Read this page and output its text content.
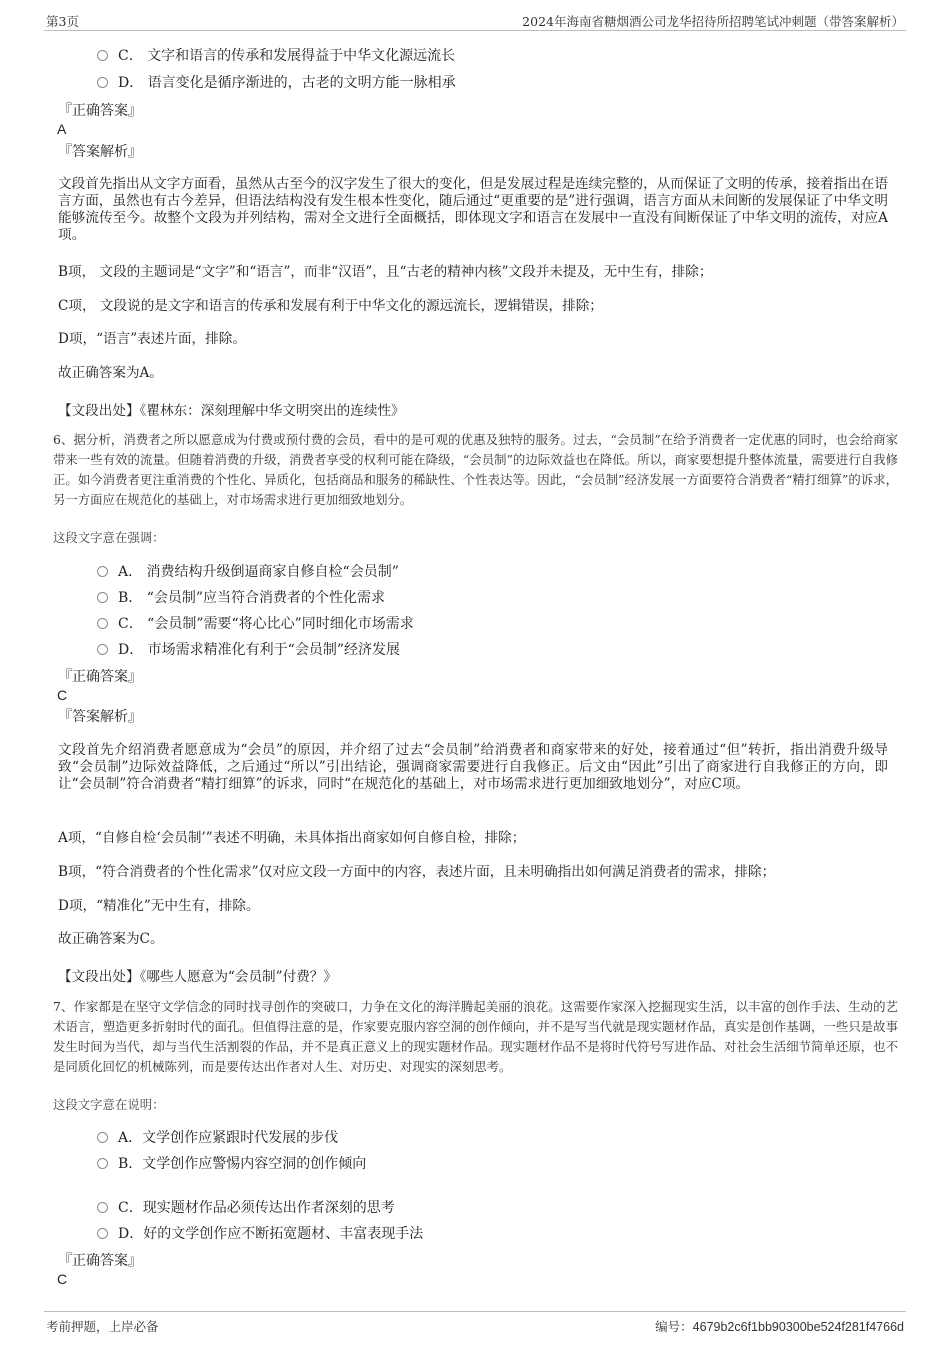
第3页	2024年海南省糖烟酒公司龙华招待所招聘笔试冲刺题（带答案解析）
C． 文字和语言的传承和发展得益于中华文化源远流长
D． 语言变化是循序渐进的，古老的文明方能一脉相承
『正确答案』
A
『答案解析』
文段首先指出从文字方面看，虽然从古至今的汉字发生了很大的变化，但是发展过程是连续完整的，从而保证了文明的传承，接着指出在语言方面，虽然也有古今差异，但语法结构没有发生根本性变化，随后通过“更重要的是”进行强调，语言方面从未间断的发展保证了中华文明能够流传至今。故整个文段为并列结构，需对全文进行全面概括，即体现文字和语言在发展中一直没有间断保证了中华文明的流传，对应A项。
B项， 文段的主题词是“文字”和“语言”，而非“汉语”，且“古老的精神内核”文段并未提及，无中生有，排除；
C项， 文段说的是文字和语言的传承和发展有利于中华文化的源远流长，逻辑错误，排除；
D项，“语言”表述片面，排除。
故正确答案为A。
【文段出处】《瞿林东：深刻理解中华文明突出的连续性》
6、据分析，消费者之所以愿意成为付费或预付费的会员，看中的是可观的优惠及独特的服务。过去，“会员制”在给予消费者一定优惠的同时，也会给商家带来一些有效的流量。但随着消费的升级，消费者享受的权利可能在降级，“会员制”的边际效益也在降低。所以，商家要想提升整体流量，需要进行自我修正。如今消费者更注重消费的个性化、异质化，包括商品和服务的稀缺性、个性表达等。因此，“会员制”经济发展一方面要符合消费者“精打细算”的诉求，另一方面应在规范化的基础上，对市场需求进行更加细致地划分。
这段文字意在强调：
A． 消费结构升级倒逼商家自修自检“会员制”
B． “会员制”应当符合消费者的个性化需求
C． “会员制”需要“将心比心”同时细化市场需求
D． 市场需求精准化有利于“会员制”经济发展
『正确答案』
C
『答案解析』
文段首先介绍消费者愿意成为“会员”的原因，并介绍了过去“会员制”给消费者和商家带来的好处，接着通过“但”转折，指出消费升级导致“会员制”边际效益降低，之后通过“所以”引出结论，强调商家需要进行自我修正。后文由“因此”引出了商家进行自我修正的方向，即让“会员制”符合消费者“精打细算”的诉求，同时“在规范化的基础上，对市场需求进行更加细致地划分”，对应C项。
A项，“自修自检‘会员制’”表述不明确，未具体指出商家如何自修自检，排除；
B项，“符合消费者的个性化需求”仅对应文段一方面中的内容，表述片面，且未明确指出如何满足消费者的需求，排除；
D项，“精准化”无中生有，排除。
故正确答案为C。
【文段出处】《哪些人愿意为“会员制”付费？》
7、作家都是在坚守文学信念的同时找寻创作的突破口，力争在文化的海洋腾起美丽的浪花。这需要作家深入挖掘现实生活，以丰富的创作手法、生动的艺术语言，塑造更多折射时代的面孔。但值得注意的是，作家要克服内容空洞的创作倾向，并不是写当代就是现实题材作品，真实是创作基调，一些只是故事发生时间为当代，却与当代生活割裂的作品，并不是真正意义上的现实题材作品。现实题材作品不是将时代符号写进作品、对社会生活细节简单还原，也不是同质化回忆的机械陈列，而是要传达出作者对人生、对历史、对现实的深刻思考。
这段文字意在说明：
A．文学创作应紧跟时代发展的步伐
B．文学创作应警惕内容空洞的创作倾向
C．现实题材作品必须传达出作者深刻的思考
D．好的文学创作应不断拓宽题材、丰富表现手法
『正确答案』
C
考前押题，上岸必备	编号：4679b2c6f1bb90300be524f281f4766d
